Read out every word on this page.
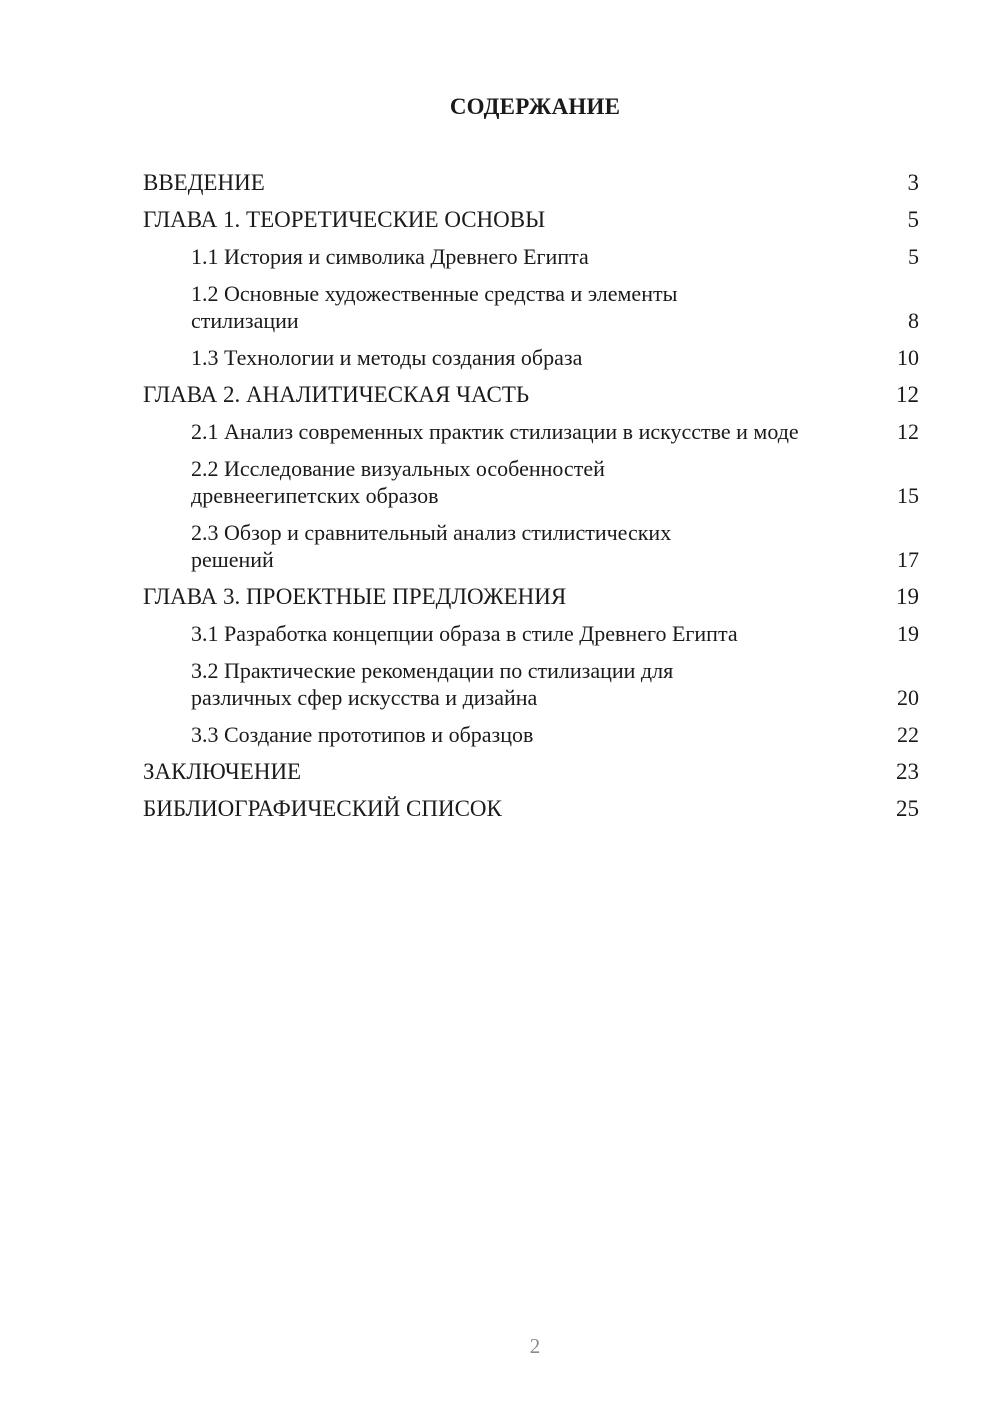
СОДЕРЖАНИЕ
ВВЕДЕНИЕ	3
ГЛАВА 1. ТЕОРЕТИЧЕСКИЕ ОСНОВЫ	5
1.1 История и символика Древнего Египта	5
1.2 Основные художественные средства и элементы стилизации	8
1.3 Технологии и методы создания образа	10
ГЛАВА 2. АНАЛИТИЧЕСКАЯ ЧАСТЬ	12
2.1 Анализ современных практик стилизации в искусстве и моде	12
2.2 Исследование визуальных особенностей древнеегипетских образов	15
2.3 Обзор и сравнительный анализ стилистических решений	17
ГЛАВА 3. ПРОЕКТНЫЕ ПРЕДЛОЖЕНИЯ	19
3.1 Разработка концепции образа в стиле Древнего Египта	19
3.2 Практические рекомендации по стилизации для различных сфер искусства и дизайна	20
3.3 Создание прототипов и образцов	22
ЗАКЛЮЧЕНИЕ	23
БИБЛИОГРАФИЧЕСКИЙ СПИСОК	25
2
